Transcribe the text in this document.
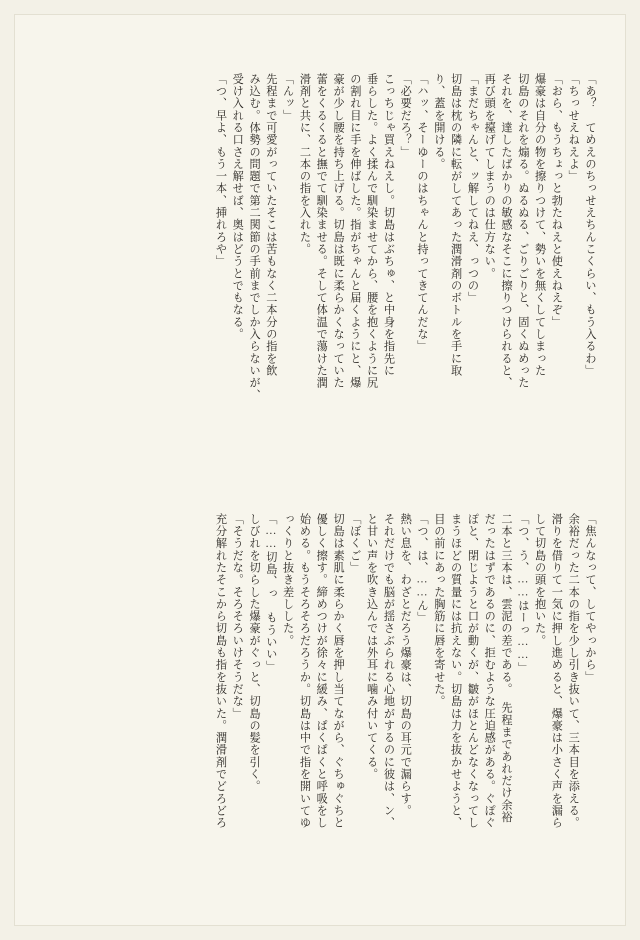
「あ？　てめえのちっせえちんこくらい、もう入るわ」
「ちっせえねえよ」
「おら、もうちょっと勃たねえと使えねえぞ」
爆豪は自分の物を擦りつけて、勢いを無くしてしまった
切島のそれを煽る。ぬるぬる、ごりごりと、固くぬめった
それを、達したばかりの敏感なそこに擦りつけられると、
再び頭を擡げてしまうのは仕方ない。
「まだちゃんと、ッ解してねえ、っつの」
切島は枕の隣に転がしてあった潤滑剤のボトルを手に取
り、蓋を開ける。
「ハッ、そーゆーのはちゃんと持ってきてんだな」
「必要だろ？」
こっちじゃ買えねえし。切島はぶちゅ、と中身を指先に
垂らした。よく揉んで馴染ませてから、腰を抱くように尻
の割れ目に手を伸ばした。指がちゃんと届くようにと、爆
豪が少し腰を持ち上げる。切島は既に柔らかくなっていた
蕾をくるくると撫でて馴染ませる。そして体温で蕩けた潤
滑剤と共に、二本の指を入れた。
「んッ」
先程まで可愛がっていたそこは苦もなく二本分の指を飲
み込む。体勢の問題で第二関節の手前までしか入らないが、
受け入れる口さえ解せば、奥はどうとでもなる。
「つ、早よ、もう一本、挿れろや」
「焦んなって、してやっから」
余裕だった二本の指を少し引き抜いて、三本目を添える。
滑りを借りて一気に押し進めると、爆豪は小さく声を漏ら
して切島の頭を抱いた。
「つ、う、……はーっ……」
二本と三本は、雲泥の差である。　先程まであれだけ余裕
だったはずであるのに、拒むような圧迫感がある。ぐぽぐ
ぽと、閉じようと口が動くが、皺がほとんどなくなってし
まうほどの質量には抗えない。切島は力を抜かせようと、
目の前にあった胸筋に唇を寄せた。
「つ、は、……ん」
熱い息を、わざとだろう爆豪は、切島の耳元で漏らす。
それだけでも脳が揺さぶられる心地がするのに彼は、ン、
と甘い声を吹き込んでは外耳に噛み付いてくる。
「ぼくご」
切島は素肌に柔らかく唇を押し当てながら、ぐちゅぐちと
優しく擦す。締めつけが徐々に緩み、ぱくぱくと呼吸をし
始める。もうそろそろだろうか。切島は中で指を開いてゆ
っくりと抜き差しした。
「……切島、っ　もういい」
しびれを切らした爆豪がぐっと、切島の髪を引く。
「そうだな。そろそろいけそうだな」
充分解れたそこから切島も指を抜いた。潤滑剤でどろどろ
